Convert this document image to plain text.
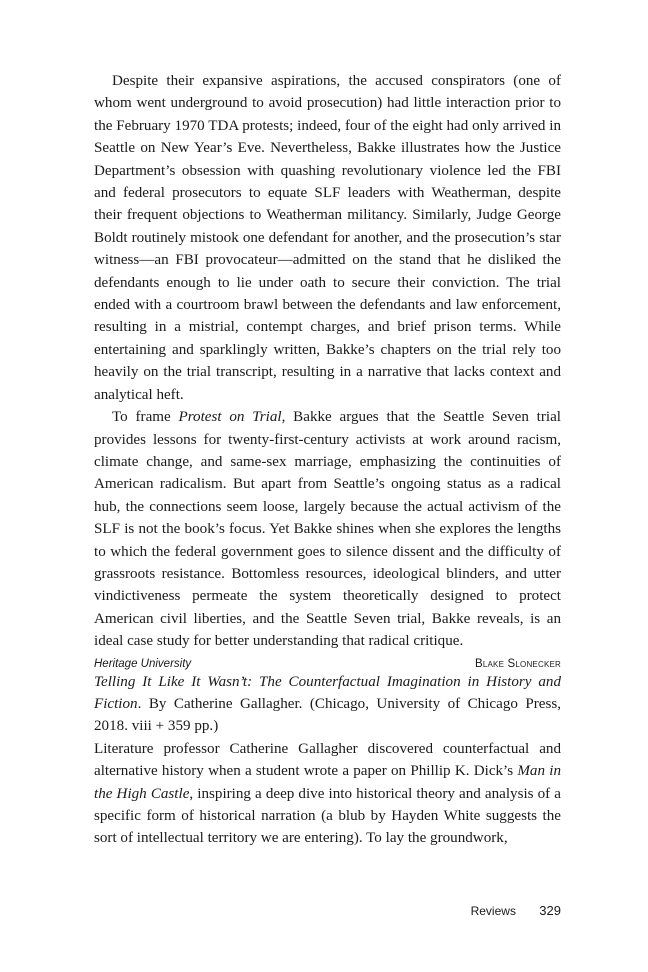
Despite their expansive aspirations, the accused conspirators (one of whom went underground to avoid prosecution) had little interaction prior to the February 1970 TDA protests; indeed, four of the eight had only arrived in Seattle on New Year’s Eve. Nevertheless, Bakke illustrates how the Justice Department’s obsession with quashing revolutionary violence led the FBI and federal prosecutors to equate SLF leaders with Weatherman, despite their frequent objections to Weatherman militancy. Similarly, Judge George Boldt routinely mistook one defendant for another, and the prosecution’s star witness—an FBI provocateur—admitted on the stand that he disliked the defendants enough to lie under oath to secure their conviction. The trial ended with a courtroom brawl between the defendants and law enforcement, resulting in a mistrial, contempt charges, and brief prison terms. While entertaining and sparklingly written, Bakke’s chapters on the trial rely too heavily on the trial transcript, resulting in a narrative that lacks context and analytical heft.

To frame Protest on Trial, Bakke argues that the Seattle Seven trial provides lessons for twenty-first-century activists at work around racism, climate change, and same-sex marriage, emphasizing the continuities of American radicalism. But apart from Seattle’s ongoing status as a radical hub, the connections seem loose, largely because the actual activism of the SLF is not the book’s focus. Yet Bakke shines when she explores the lengths to which the federal government goes to silence dissent and the difficulty of grassroots resistance. Bottomless resources, ideological blinders, and utter vindictiveness permeate the system theoretically designed to protect American civil liberties, and the Seattle Seven trial, Bakke reveals, is an ideal case study for better understanding that radical critique.

Heritage University	Blake Slonecker

Telling It Like It Wasn’t: The Counterfactual Imagination in History and Fiction. By Catherine Gallagher. (Chicago, University of Chicago Press, 2018. viii + 359 pp.)

Literature professor Catherine Gallagher discovered counterfactual and alternative history when a student wrote a paper on Phillip K. Dick’s Man in the High Castle, inspiring a deep dive into historical theory and analysis of a specific form of historical narration (a blub by Hayden White suggests the sort of intellectual territory we are entering). To lay the groundwork,

Reviews 329
